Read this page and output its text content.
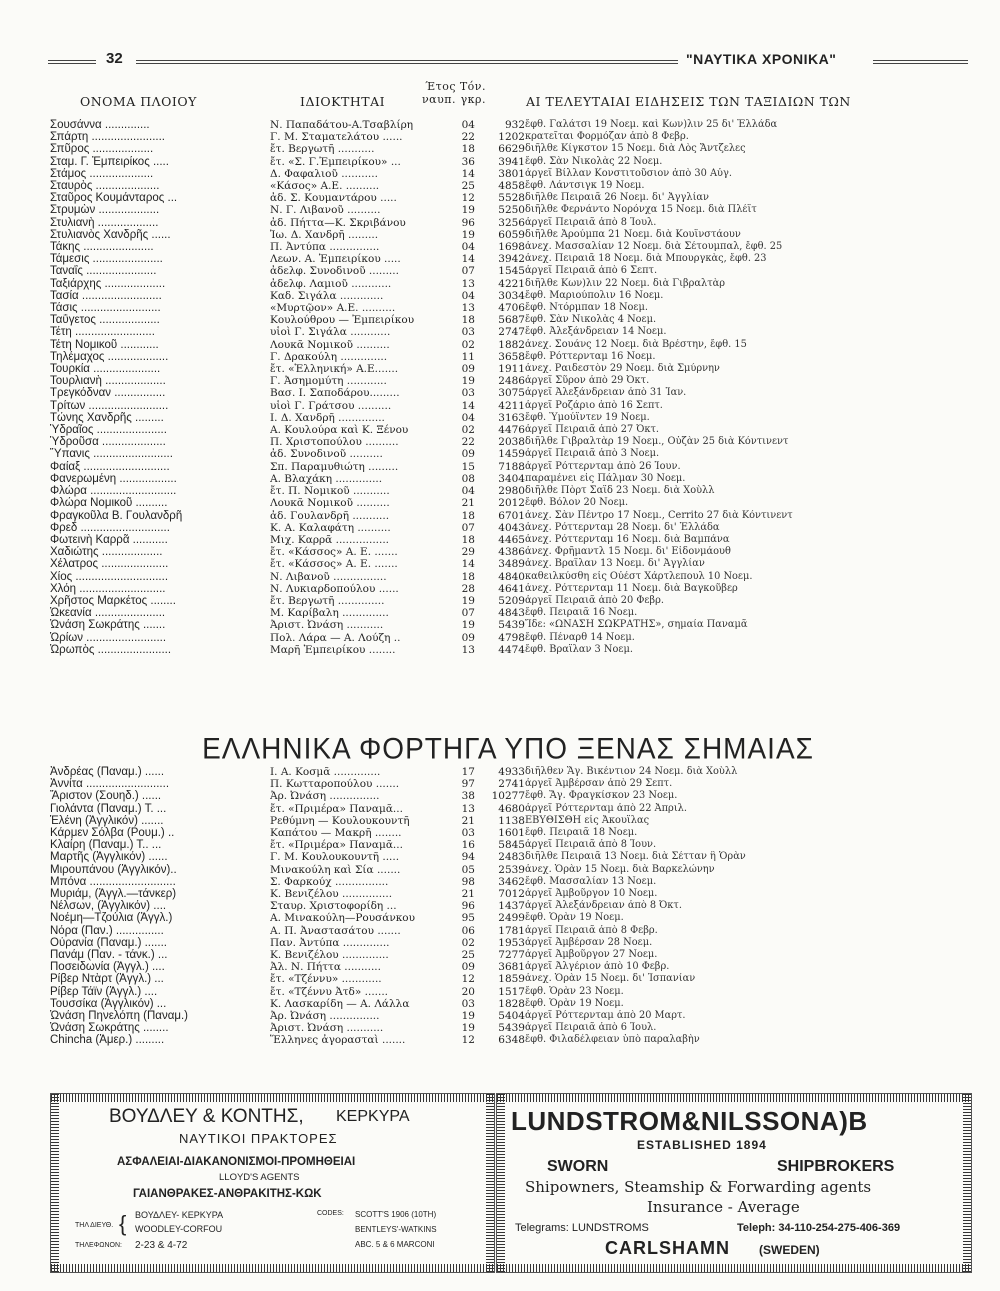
32	"ΝΑΥΤΙΚΑ ΧΡΟΝΙΚΑ"
ΟΝΟΜΑ ΠΛΟΙΟΥ	ΙΔΙΟΚΤΗΤΑΙ
Έτος ναυπ.
Τόν. γκρ.	ΑΙ ΤΕΛΕΥΤΑΙΑΙ ΕΙΔΗΣΕΙΣ ΤΩΝ ΤΑΞΙΔΙΩΝ ΤΩΝ
Σουσάννα ..............	Ν. Παπαδάτου-Α.Τσαβλίρη	04	932	ἔφθ. Γαλάτσι 19 Νοεμ. καὶ Κων)λιν 25 δι' Ἑλλάδα
Σπάρτη .......................	Γ. Μ. Σταματελάτου ......	22	1202	κρατεῖται Φορμόζαν ἀπὸ 8 Φεβρ.
Σπῦρος ...................	ἔτ. Βεργωτῆ ...........	18	6629	διῆλθε Κίγκστον 15 Νοεμ. διὰ Λὸς Ἄντζελες
Σταμ. Γ. Ἐμπειρίκος .....	ἔτ. «Σ. Γ.Ἐμπειρίκου» ...	36	3941	ἔφθ. Σὰν Νικολὰς 22 Νοεμ.
Στάμος ....................	Δ. Φαφαλιοῦ ...........	14	3801	ἀργεῖ Βίλλαν Κονστιτοῦσιον ἀπὸ 30 Αὐγ.
Σταυρὸς ....................	«Κάσος» Α.Ε. ..........	25	4858	ἔφθ. Λάντσιγκ 19 Νοεμ.
Σταῦρος Κουμάνταρος ...	ἀδ. Σ. Κουμαντάρου .....	12	5528	διῆλθε Πειραιᾶ 26 Νοεμ. δι' Ἀγγλίαν
Στρυμὼν ...................	Ν. Γ. Λιβανοῦ ..........	19	5250	διῆλθε Φερνάντο Νορόνχα 15 Νοεμ. διὰ Πλέϊτ
Στυλιανὴ ...................	ἀδ. Πήττα—Κ. Σκριβάνου	96	3256	ἀργεῖ Πειραιᾶ ἀπὸ 8 Ἰουλ.
Στυλιανὸς Χανδρῆς ......	Ἰω. Δ. Χανδρῆ .........	19	6059	διῆλθε Ἀρούμπα 21 Νοεμ. διὰ Κουΐνστάουν
Τάκης ......................	Π. Ἀντύπα ...............	04	1698	ἀνεχ. Μασσαλίαν 12 Νοεμ. διὰ Σέτουμπαλ, ἔφθ. 25
Τάμεσις ......................	Λεων. Α. Ἐμπειρίκου .....	14	3942	ἀνεχ. Πειραιᾶ 18 Νοεμ. διὰ Μπουργκὰς, ἔφθ. 23
Ταναΐς ......................	ἀδελφ. Συνοδινοῦ .........	07	1545	ἀργεῖ Πειραιᾶ ἀπὸ 6 Σεπτ.
Ταξιάρχης ...................	ἀδελφ. Λαμιοῦ ............	13	4221	διῆλθε Κων)λιν 22 Νοεμ. διὰ Γιβραλτὰρ
Τασία .........................	Καδ. Σιγάλα .............	04	3034	ἔφθ. Μαριούπολιν 16 Νοεμ.
Τάσις .........................	«Μυρτῷον» Α.Ε. ..........	13	4706	ἔφθ. Ντόρμπαν 18 Νοεμ.
Ταΰγετος ...................	Κουλούθρου — Ἐμπειρίκου	18	5687	ἔφθ. Σὰν Νικολὰς 4 Νοεμ.
Τέτη .........................	υἱοὶ Γ. Σιγάλα ............	03	2747	ἔφθ. Ἀλεξάνδρειαν 14 Νοεμ.
Τέτη Νομικοῦ ............	Λουκᾶ Νομικοῦ ..........	02	1882	ἀνεχ. Σουάνς 12 Νοεμ. διὰ Βρέστην, ἔφθ. 15
Τηλέμαχος ...................	Γ. Δρακούλη ..............	11	3658	ἔφθ. Ρόττερνταμ 16 Νοεμ.
Τουρκία .....................	ἔτ. «Ἑλληνική» Α.Ε.......	09	1911	ἀνεχ. Ραιδεστὸν 29 Νοεμ. διὰ Σμύρνην
Τουρλιανὴ ...................	Γ. Ἀσημομύτη ............	19	2486	ἀργεῖ Σῦρον ἀπὸ 29 Ὀκτ.
Τρεγκόδναν ................	Βασ. Ι. Σαποδάρου.........	03	3075	ἀργεῖ Ἀλεξάνδρειαν ἀπὸ 31 Ἰαν.
Τρίτων .........................	υἱοὶ Γ. Γράτσου ..........	14	4211	ἀργεῖ Ροζάριο ἀπὸ 16 Σεπτ.
Τώνης Χανδρῆς .........	Ι. Δ. Χανδρῆ ..............	04	3163	ἔφθ. Ὑμούϊντεν 19 Νοεμ.
Ὑδραῖος ......................	Α. Κουλούρα καὶ Κ. Ξένου	02	4476	ἀργεῖ Πειραιᾶ ἀπὸ 27 Ὀκτ.
Ὑδροῦσα ....................	Π. Χριστοπούλου ..........	22	2038	διῆλθε Γιβραλτὰρ 19 Νοεμ., Οὐζὰν 25 διὰ Κόντινεντ
Ὕπανις .........................	ἀδ. Συνοδινοῦ ..........	09	1459	ἀργεῖ Πειραιᾶ ἀπὸ 3 Νοεμ.
Φαίαξ ...........................	Σπ. Παραμυθιώτη .........	15	7188	ἀργεῖ Ρόττερνταμ ἀπὸ 26 Ἰουν.
Φανερωμένη ..................	Α. Βλαχάκη ..............	08	3404	παραμένει εἰς Πάλμαν 30 Νοεμ.
Φλώρα ...........................	ἔτ. Π. Νομικοῦ ...........	04	2980	διῆλθε Πὸρτ Σαΐδ 23 Νοεμ. διὰ Χοὺλλ
Φλώρα Νομικοῦ ..........	Λουκᾶ Νομικοῦ ..........	21	2012	ἔφθ. Βόλον 20 Νοεμ.
Φραγκοῦλα Β. Γουλανδρῆ	ἀδ. Γουλανδρῆ ...........	18	6701	ἀνεχ. Σὰν Πέντρο 17 Νοεμ., Cerrito 27 διὰ Κόντινεντ
Φρεδ ............................	Κ. Α. Καλαφάτη ..........	07	4043	ἀνεχ. Ρόττερνταμ 28 Νοεμ. δι' Ἑλλάδα
Φωτεινὴ Καρρᾶ ...........	Μιχ. Καρρᾶ ................	18	4465	ἀνεχ. Ρόττερνταμ 16 Νοεμ. διὰ Βαμπάνα
Χαδιώτης ...................	ἔτ. «Κάσσος» Α. Ε. .......	29	4386	ἀνεχ. Φρῆμαντλ 15 Νοεμ. δι' Εἰδονμάουθ
Χέλατρος .....................	ἔτ. «Κάσσος» Α. Ε. .......	14	3489	ἀνεχ. Βραΐλαν 13 Νοεμ. δι' Ἀγγλίαν
Χίος .............................	Ν. Λιβανοῦ ................	18	4840	καθειλκύσθη εἰς Οὐέστ Χάρτλεπουλ 10 Νοεμ.
Χλόη ...........................	Ν. Λυκιαρδοπούλου ......	28	4641	ἀνεχ. Ρόττερνταμ 11 Νοεμ. διὰ Βαγκοῦβερ
Χρῆστος Μαρκέτος ........	ἔτ. Βεργωτῆ ..............	19	5209	ἀργεῖ Πειραιᾶ ἀπὸ 20 Φεβρ.
Ὠκεανία ......................	Μ. Καρίβαλη ..............	07	4843	ἔφθ. Πειραιᾶ 16 Νοεμ.
Ὠνάση Σωκράτης .......	Ἀριστ. Ὠνάση ...........	19	5439	Ἴδε: «ΩΝΑΣΗ ΣΩΚΡΑΤΗΣ», σημαία Παναμᾶ
Ὡρίων .........................	Πολ. Λάρα — Α. Λούζη ..	09	4798	ἔφθ. Πέναρθ 14 Νοεμ.
Ὠρωπὸς .......................	Μαρῆ Ἐμπειρίκου ........	13	4474	ἔφθ. Βραΐλαν 3 Νοεμ.
ΕΛΛΗΝΙΚΑ ΦΟΡΤΗΓΑ ΥΠΟ ΞΕΝΑΣ ΣΗΜΑΙΑΣ
Ἀνδρέας (Παναμ.) ......	Ι. Α. Κοσμᾶ ..............	17	4933	διῆλθεν Ἅγ. Βικέντιον 24 Νοεμ. διὰ Χοὺλλ
Ἀννίτα ..........................	Π. Κωτταροπούλου .......	97	2741	ἀργεῖ Ἀμβέρσαν ἀπὸ 29 Σεπτ.
Ἄριστον (Σουηδ.) ......	Ἀρ. Ὠνάση ...............	38	10277	ἔφθ. Ἅγ. Φραγκίσκον 23 Νοεμ.
Γιολάντα (Παναμ.) Τ. ...	ἔτ. «Πριμέρα» Παναμᾶ...	13	4680	ἀργεῖ Ρόττερνταμ ἀπὸ 22 Ἀπριλ.
Ἑλένη (Ἀγγλικόν) .......	Ρεθύμνη — Κουλουκουντῆ	21	1138	ΕΒΥΘΙΣΘΗ εἰς Ἀκουΐλας
Κάρμεν Σόλβα (Ρουμ.) ..	Καπάτου — Μακρῆ ........	03	1601	ἔφθ. Πειραιᾶ 18 Νοεμ.
Κλαίρη (Παναμ.) Τ.. ...	ἔτ. «Πριμέρα» Παναμᾶ...	16	5845	ἀργεῖ Πειραιᾶ ἀπὸ 8 Ἰουν.
Μαρτῆς (Ἀγγλικόν) ......	Γ. Μ. Κουλουκουντῆ .....	94	2483	διῆλθε Πειραιᾶ 13 Νοεμ. διὰ Σέτταν ἢ Ὁρὰν
Μιρουπάνου (Ἀγγλικόν)..	Μινακούλη καὶ Σία .......	05	2539	ἀνεχ. Ὁρὰν 15 Νοεμ. διὰ Βαρκελώνην
Μπόνα ...........................	Σ. Φαρκούχ ................	98	3462	ἔφθ. Μασσαλίαν 13 Νοεμ.
Μυριάμ, (Ἀγγλ.—τάνκερ)	Κ. Βενιζέλου ...............	21	7012	ἀργεῖ Ἀμβοῦργον 10 Νοεμ.
Νέλσων, (Ἀγγλικόν) ....	Σταυρ. Χριστοφορίδη ...	96	1437	ἀργεῖ Ἀλεξάνδρειαν ἀπὸ 8 Ὀκτ.
Νοέμη—Τζούλια (Ἀγγλ.)	Α. Μινακούλη—Ρουσάνκου	95	2499	ἔφθ. Ὁρὰν 19 Νοεμ.
Νόρα (Παν.) ...............	Α. Π. Ἀναστασάτου .......	06	1781	ἀργεῖ Πειραιᾶ ἀπὸ 8 Φεβρ.
Οὐρανία (Παναμ.) .......	Παν. Ἀντύπα ..............	02	1953	ἀργεῖ Ἀμβέρσαν 28 Νοεμ.
Πανάμ (Παν. - τάνκ.) ...	Κ. Βενιζέλου ..............	25	7277	ἀργεῖ Ἀμβοῦργον 27 Νοεμ.
Ποσειδωνία (Ἀγγλ.) ....	Ἀλ. Ν. Πήττα ...........	09	3681	ἀργεῖ Ἀλγέριον ἀπὸ 10 Φεβρ.
Ρίβερ Ντὰρτ (Ἀγγλ.) ...	ἔτ. «Τζέννυ» ............	12	1859	ἀνεχ. Ὁρὰν 15 Νοεμ. δι' Ἰσπανίαν
Ρίβερ Τάϊν (Ἀγγλ.) ....	ἔτ. «Τζέννυ Ἀτδ» .......	20	1517	ἔφθ. Ὁρὰν 23 Νοεμ.
Τουσσίκα (Ἀγγλικόν) ...	Κ. Λασκαρίδη — Α. Λάλλα	03	1828	ἔφθ. Ὁρὰν 19 Νοεμ.
Ὠνάση Πηνελόπη (Παναμ.)	Ἀρ. Ὠνάση ...............	19	5404	ἀργεῖ Ρόττερνταμ ἀπὸ 20 Μαρτ.
Ὠνάση Σωκράτης ........	Ἀριστ. Ὠνάση ...........	19	5439	ἀργεῖ Πειραιᾶ ἀπὸ 6 Ἰουλ.
Chincha (Ἀμερ.) .........	Ἕλληνες ἀγορασταὶ .......	12	6348	ἔφθ. Φιλαδέλφειαν ὑπὸ παραλαβὴν
ΒΟΥΔΛΕΥ & ΚΟΝΤΗΣ, ΚΕΡΚΥΡΑ
ΝΑΥΤΙΚΟΙ ΠΡΑΚΤΟΡΕΣ
ΑΣΦΑΛΕΙΑΙ-ΔΙΑΚΑΝΟΝΙΣΜΟΙ-ΠΡΟΜΗΘΕΙΑΙ
LLOYD'S AGENTS
ΓΑΙΑΝΘΡΑΚΕΣ-ΑΝΘΡΑΚΙΤΗΣ-ΚΩΚ
ΤΗΛ ΔΙΕΥΘ. { ΒΟΥΔΛΕΥ- ΚΕΡΚΥΡΑ
WOODLEY-CORFOU
ΤΗΛΕΦΩΝΟΝ: 2-23 & 4-72
CODES: SCOTT'S 1906 (10TH)
BENTLEYS'-WATKINS
ABC. 5 & 6 MARCONI
LUNDSTROM&NILSSONA)B
ESTABLISHED 1894
SWORN	SHIPBROKERS
Shipowners, Steamship & Forwarding agents
Insurance - Average
Telegrams: LUNDSTROMS	Teleph: 34-110-254-275-406-369
CARLSHAMN (SWEDEN)
